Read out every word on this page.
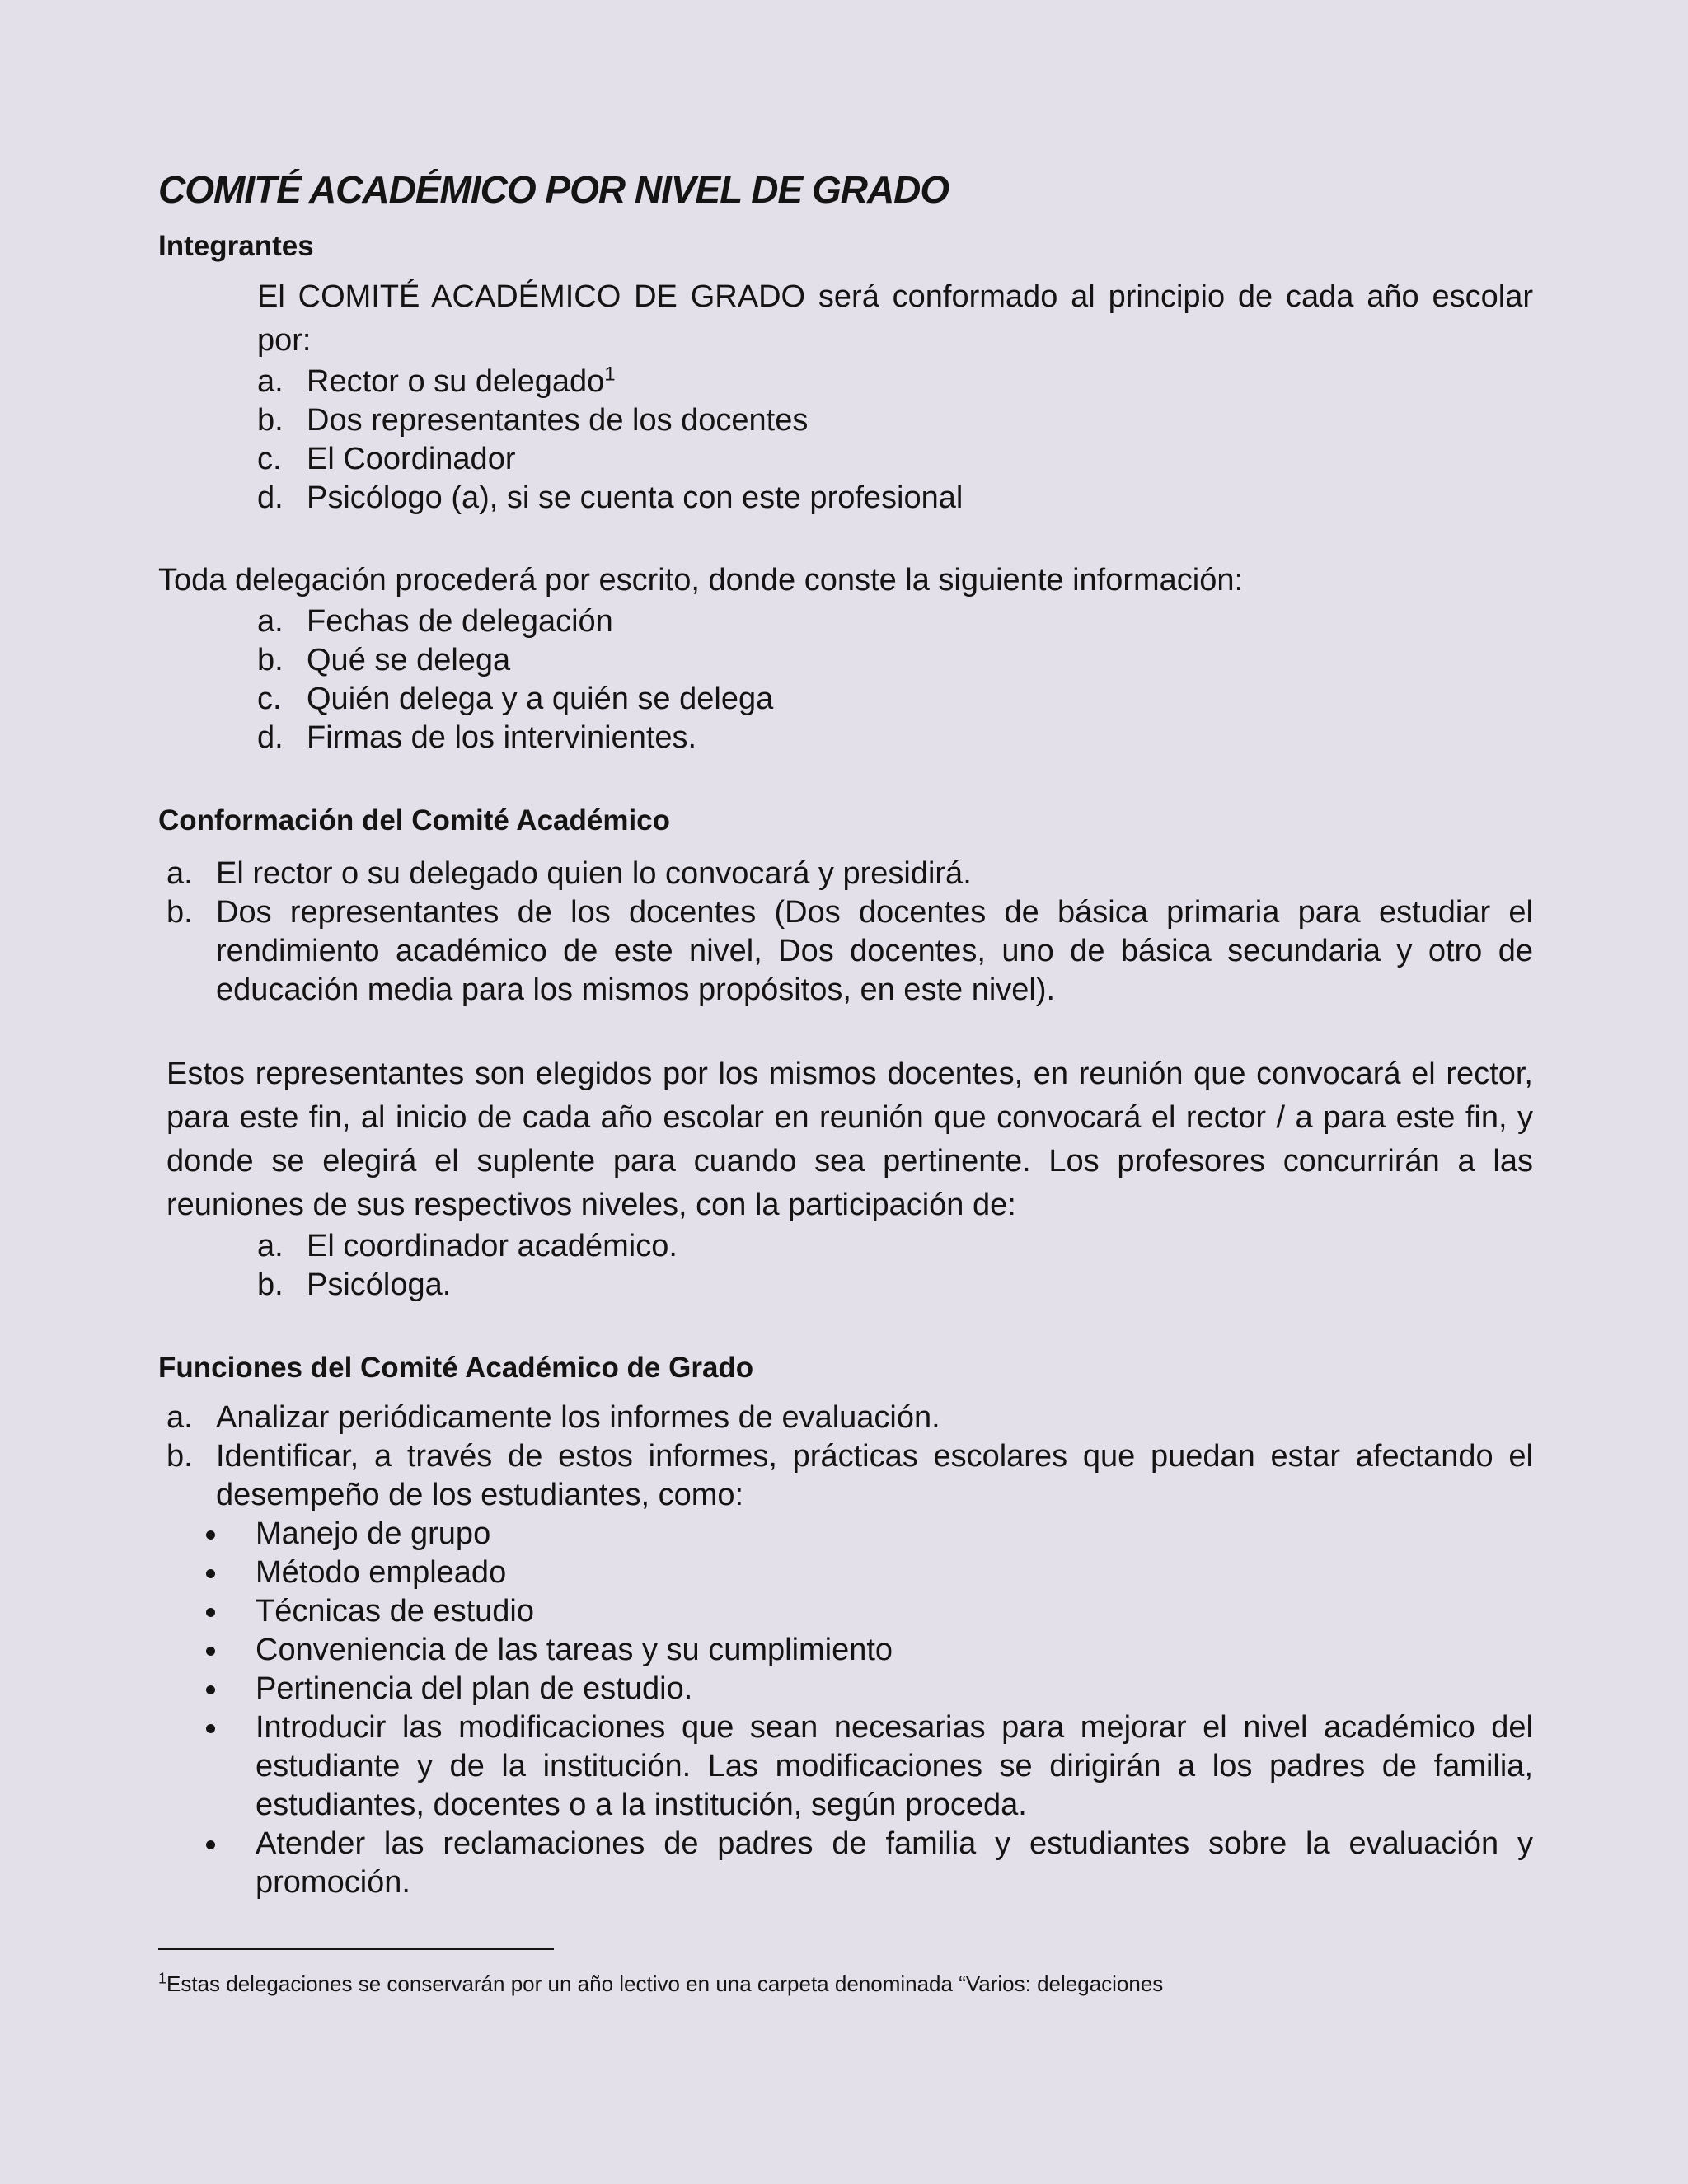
COMITÉ ACADÉMICO POR NIVEL DE GRADO
Integrantes
El COMITÉ ACADÉMICO DE GRADO será conformado al principio de cada año escolar por:
a. Rector o su delegado$^1$
b. Dos representantes de los docentes
c. El Coordinador
d. Psicólogo (a), si se cuenta con este profesional
Toda delegación procederá por escrito, donde conste la siguiente información:
a. Fechas de delegación
b. Qué se delega
c. Quién delega y a quién se delega
d. Firmas de los intervinientes.
Conformación del Comité Académico
a. El rector o su delegado quien lo convocará y presidirá.
b. Dos representantes de los docentes (Dos docentes de básica primaria para estudiar el rendimiento académico de este nivel, Dos docentes, uno de básica secundaria y otro de educación media para los mismos propósitos, en este nivel).
Estos representantes son elegidos por los mismos docentes, en reunión que convocará el rector, para este fin, al inicio de cada año escolar en reunión que convocará el rector / a para este fin, y donde se elegirá el suplente para cuando sea pertinente. Los profesores concurrirán a las reuniones de sus respectivos niveles, con la participación de:
a. El coordinador académico.
b. Psicóloga.
Funciones del Comité Académico de Grado
a. Analizar periódicamente los informes de evaluación.
b. Identificar, a través de estos informes, prácticas escolares que puedan estar afectando el desempeño de los estudiantes, como:
Manejo de grupo
Método empleado
Técnicas de estudio
Conveniencia de las tareas y su cumplimiento
Pertinencia del plan de estudio.
Introducir las modificaciones que sean necesarias para mejorar el nivel académico del estudiante y de la institución. Las modificaciones se dirigirán a los padres de familia, estudiantes, docentes o a la institución, según proceda.
Atender las reclamaciones de padres de familia y estudiantes sobre la evaluación y promoción.
$^1$Estas delegaciones se conservarán por un año lectivo en una carpeta denominada “Varios: delegaciones
